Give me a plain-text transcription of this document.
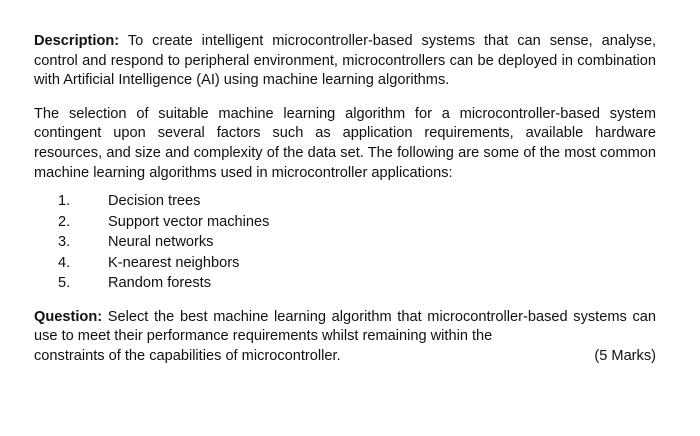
Description: To create intelligent microcontroller-based systems that can sense, analyse, control and respond to peripheral environment, microcontrollers can be deployed in combination with Artificial Intelligence (AI) using machine learning algorithms.

The selection of suitable machine learning algorithm for a microcontroller-based system contingent upon several factors such as application requirements, available hardware resources, and size and complexity of the data set. The following are some of the most common machine learning algorithms used in microcontroller applications:

1.	Decision trees
2.	Support vector machines
3.	Neural networks
4.	K-nearest neighbors
5.	Random forests

Question: Select the best machine learning algorithm that microcontroller-based systems can use to meet their performance requirements whilst remaining within the

constraints of the capabilities of microcontroller.	(5 Marks)
